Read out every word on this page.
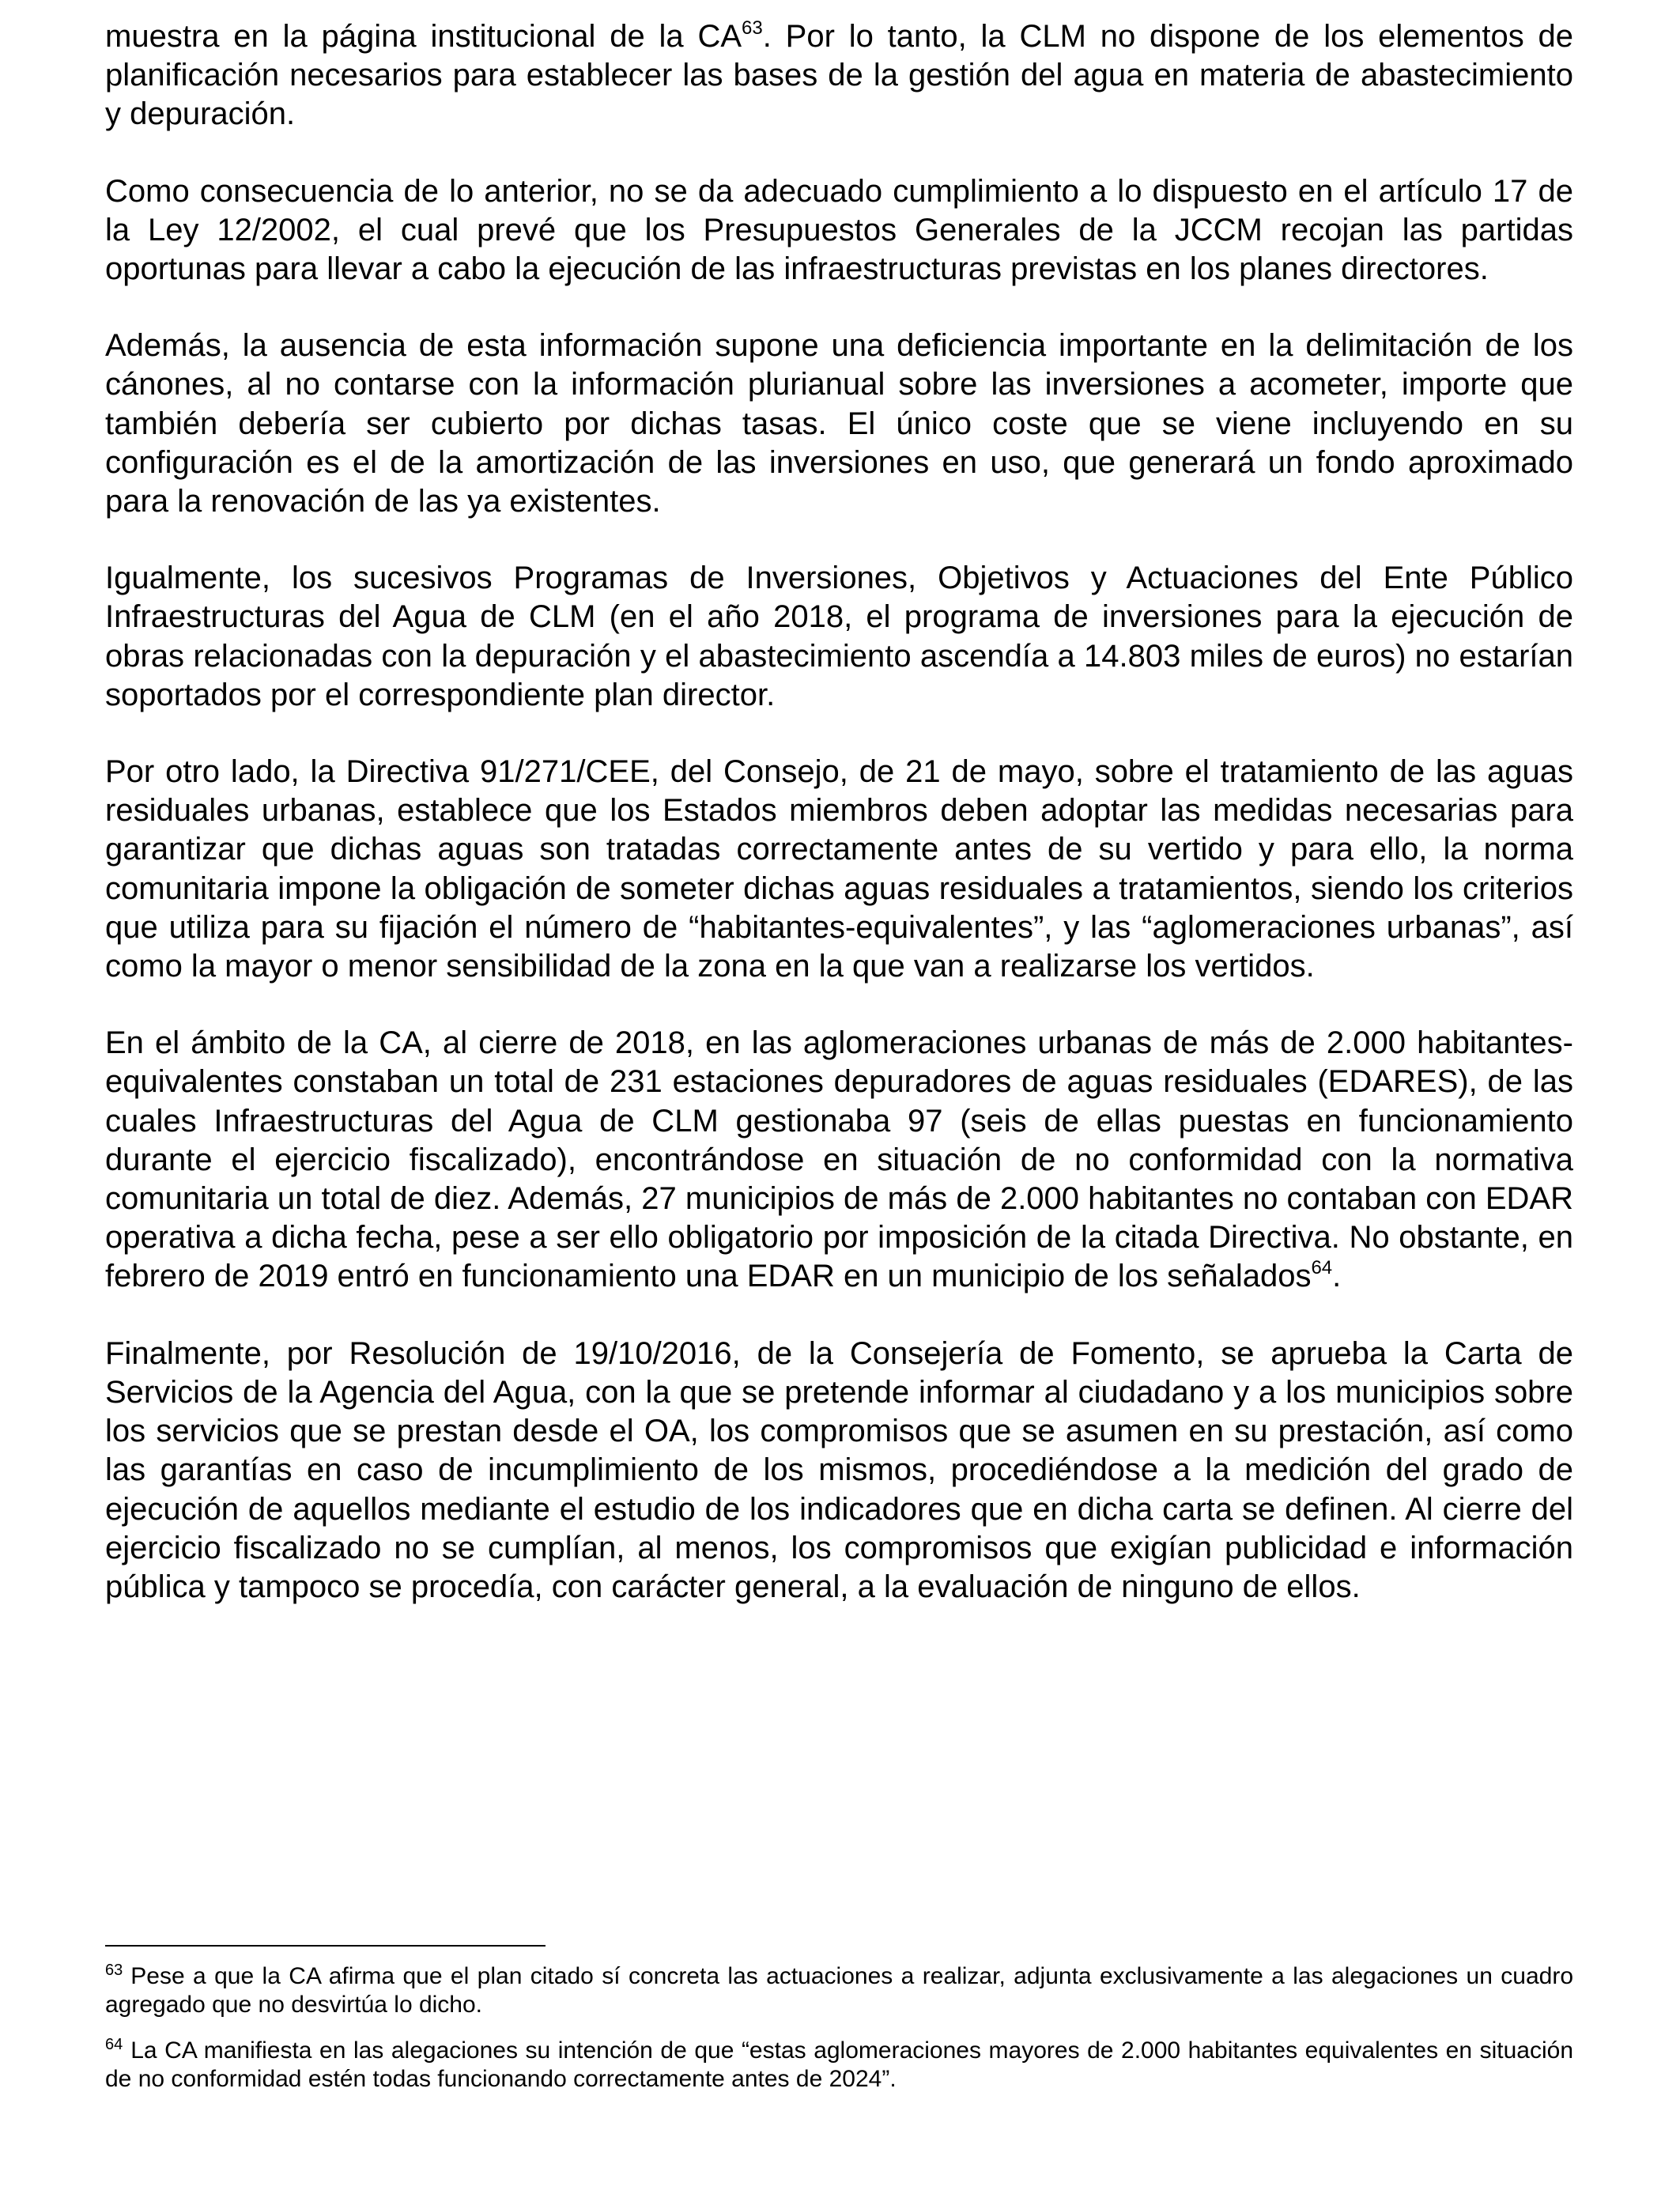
muestra en la página institucional de la CA$^{63}$. Por lo tanto, la CLM no dispone de los elementos de planificación necesarios para establecer las bases de la gestión del agua en materia de abastecimiento y depuración.

Como consecuencia de lo anterior, no se da adecuado cumplimiento a lo dispuesto en el artículo 17 de la Ley 12/2002, el cual prevé que los Presupuestos Generales de la JCCM recojan las partidas oportunas para llevar a cabo la ejecución de las infraestructuras previstas en los planes directores.

Además, la ausencia de esta información supone una deficiencia importante en la delimitación de los cánones, al no contarse con la información plurianual sobre las inversiones a acometer, importe que también debería ser cubierto por dichas tasas. El único coste que se viene incluyendo en su configuración es el de la amortización de las inversiones en uso, que generará un fondo aproximado para la renovación de las ya existentes.

Igualmente, los sucesivos Programas de Inversiones, Objetivos y Actuaciones del Ente Público Infraestructuras del Agua de CLM (en el año 2018, el programa de inversiones para la ejecución de obras relacionadas con la depuración y el abastecimiento ascendía a 14.803 miles de euros) no estarían soportados por el correspondiente plan director.

Por otro lado, la Directiva 91/271/CEE, del Consejo, de 21 de mayo, sobre el tratamiento de las aguas residuales urbanas, establece que los Estados miembros deben adoptar las medidas necesarias para garantizar que dichas aguas son tratadas correctamente antes de su vertido y para ello, la norma comunitaria impone la obligación de someter dichas aguas residuales a tratamientos, siendo los criterios que utiliza para su fijación el número de “habitantes-equivalentes”, y las “aglomeraciones urbanas”, así como la mayor o menor sensibilidad de la zona en la que van a realizarse los vertidos.

En el ámbito de la CA, al cierre de 2018, en las aglomeraciones urbanas de más de 2.000 habitantes-equivalentes constaban un total de 231 estaciones depuradores de aguas residuales (EDARES), de las cuales Infraestructuras del Agua de CLM gestionaba 97 (seis de ellas puestas en funcionamiento durante el ejercicio fiscalizado), encontrándose en situación de no conformidad con la normativa comunitaria un total de diez. Además, 27 municipios de más de 2.000 habitantes no contaban con EDAR operativa a dicha fecha, pese a ser ello obligatorio por imposición de la citada Directiva. No obstante, en febrero de 2019 entró en funcionamiento una EDAR en un municipio de los señalados$^{64}$.

Finalmente, por Resolución de 19/10/2016, de la Consejería de Fomento, se aprueba la Carta de Servicios de la Agencia del Agua, con la que se pretende informar al ciudadano y a los municipios sobre los servicios que se prestan desde el OA, los compromisos que se asumen en su prestación, así como las garantías en caso de incumplimiento de los mismos, procediéndose a la medición del grado de ejecución de aquellos mediante el estudio de los indicadores que en dicha carta se definen. Al cierre del ejercicio fiscalizado no se cumplían, al menos, los compromisos que exigían publicidad e información pública y tampoco se procedía, con carácter general, a la evaluación de ninguno de ellos.

$^{63}$ Pese a que la CA afirma que el plan citado sí concreta las actuaciones a realizar, adjunta exclusivamente a las alegaciones un cuadro agregado que no desvirtúa lo dicho.

$^{64}$ La CA manifiesta en las alegaciones su intención de que “estas aglomeraciones mayores de 2.000 habitantes equivalentes en situación de no conformidad estén todas funcionando correctamente antes de 2024”.
